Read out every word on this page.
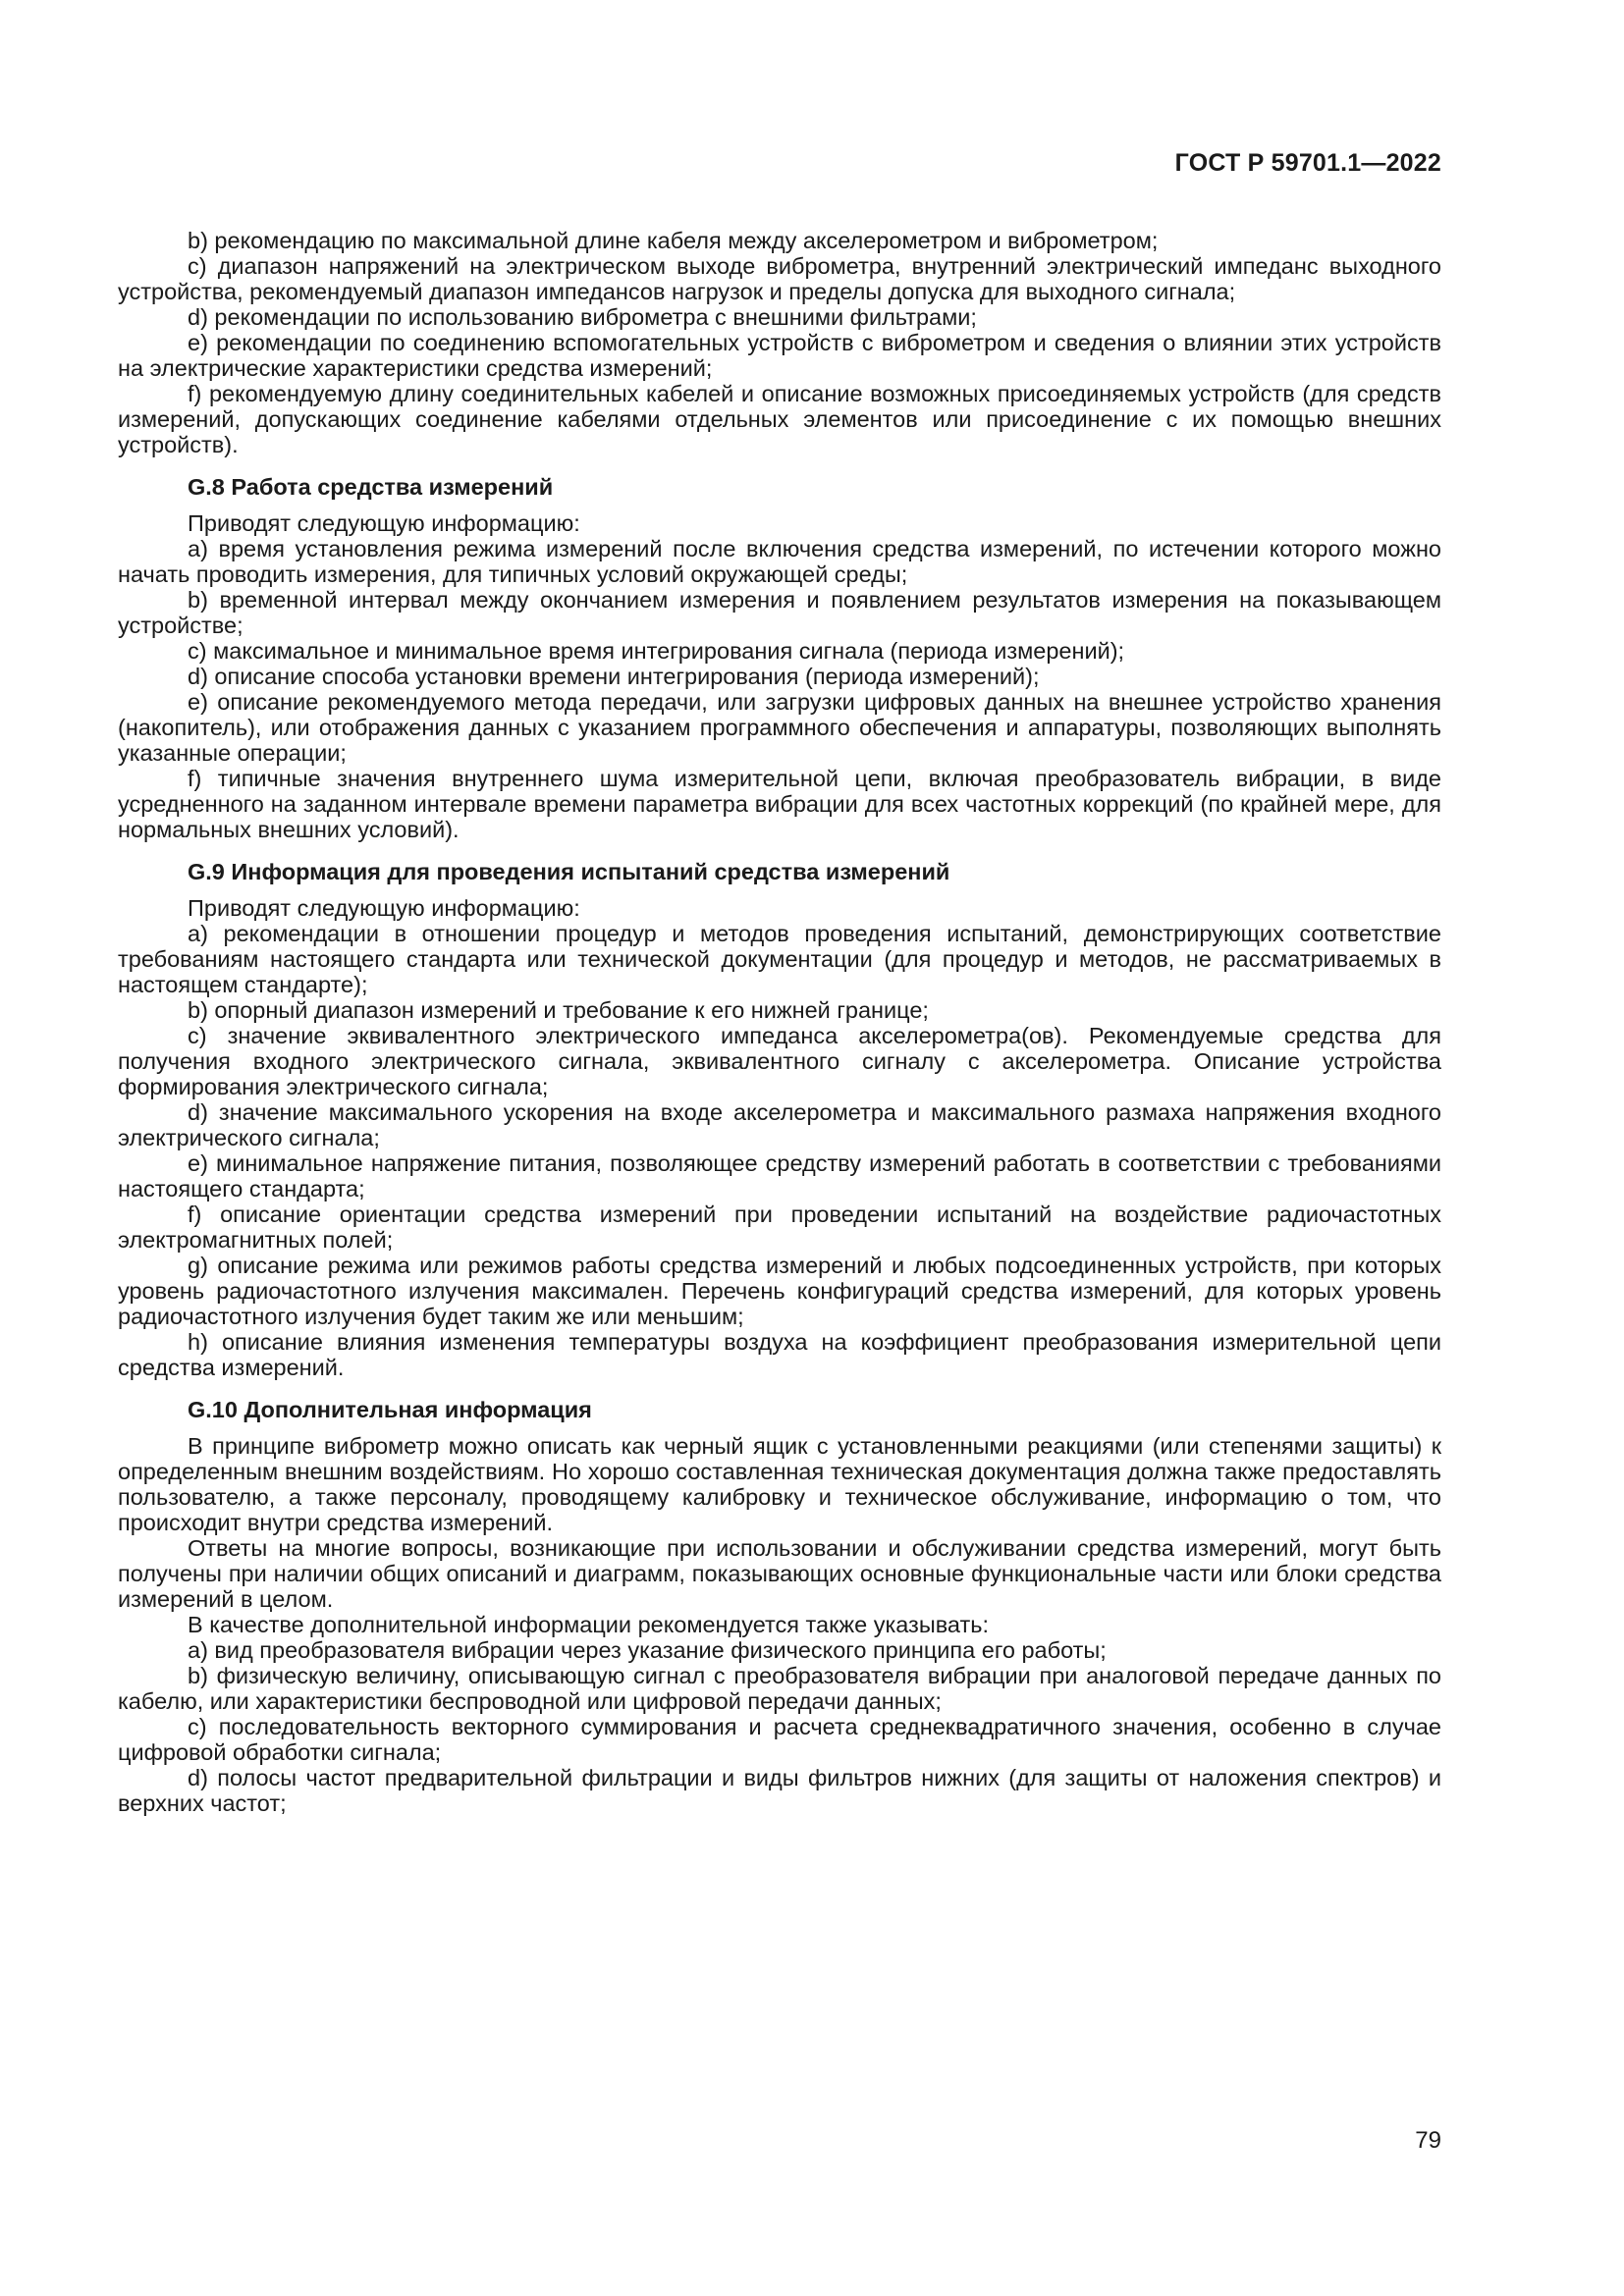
ГОСТ Р 59701.1—2022

b) рекомендацию по максимальной длине кабеля между акселерометром и виброметром;

c) диапазон напряжений на электрическом выходе виброметра, внутренний электрический импеданс выходного устройства, рекомендуемый диапазон импедансов нагрузок и пределы допуска для выходного сигнала;

d) рекомендации по использованию виброметра с внешними фильтрами;

e) рекомендации по соединению вспомогательных устройств с виброметром и сведения о влиянии этих устройств на электрические характеристики средства измерений;

f) рекомендуемую длину соединительных кабелей и описание возможных присоединяемых устройств (для средств измерений, допускающих соединение кабелями отдельных элементов или присоединение с их помощью внешних устройств).

G.8 Работа средства измерений

Приводят следующую информацию:

a) время установления режима измерений после включения средства измерений, по истечении которого можно начать проводить измерения, для типичных условий окружающей среды;

b) временной интервал между окончанием измерения и появлением результатов измерения на показывающем устройстве;

c) максимальное и минимальное время интегрирования сигнала (периода измерений);

d) описание способа установки времени интегрирования (периода измерений);

e) описание рекомендуемого метода передачи, или загрузки цифровых данных на внешнее устройство хранения (накопитель), или отображения данных с указанием программного обеспечения и аппаратуры, позволяющих выполнять указанные операции;

f) типичные значения внутреннего шума измерительной цепи, включая преобразователь вибрации, в виде усредненного на заданном интервале времени параметра вибрации для всех частотных коррекций (по крайней мере, для нормальных внешних условий).

G.9 Информация для проведения испытаний средства измерений

Приводят следующую информацию:

a) рекомендации в отношении процедур и методов проведения испытаний, демонстрирующих соответствие требованиям настоящего стандарта или технической документации (для процедур и методов, не рассматриваемых в настоящем стандарте);

b) опорный диапазон измерений и требование к его нижней границе;

c) значение эквивалентного электрического импеданса акселерометра(ов). Рекомендуемые средства для получения входного электрического сигнала, эквивалентного сигналу с акселерометра. Описание устройства формирования электрического сигнала;

d) значение максимального ускорения на входе акселерометра и максимального размаха напряжения входного электрического сигнала;

e) минимальное напряжение питания, позволяющее средству измерений работать в соответствии с требованиями настоящего стандарта;

f) описание ориентации средства измерений при проведении испытаний на воздействие радиочастотных электромагнитных полей;

g) описание режима или режимов работы средства измерений и любых подсоединенных устройств, при которых уровень радиочастотного излучения максимален. Перечень конфигураций средства измерений, для которых уровень радиочастотного излучения будет таким же или меньшим;

h) описание влияния изменения температуры воздуха на коэффициент преобразования измерительной цепи средства измерений.

G.10 Дополнительная информация

В принципе виброметр можно описать как черный ящик с установленными реакциями (или степенями защиты) к определенным внешним воздействиям. Но хорошо составленная техническая документация должна также предоставлять пользователю, а также персоналу, проводящему калибровку и техническое обслуживание, информацию о том, что происходит внутри средства измерений.

Ответы на многие вопросы, возникающие при использовании и обслуживании средства измерений, могут быть получены при наличии общих описаний и диаграмм, показывающих основные функциональные части или блоки средства измерений в целом.

В качестве дополнительной информации рекомендуется также указывать:

a) вид преобразователя вибрации через указание физического принципа его работы;

b) физическую величину, описывающую сигнал с преобразователя вибрации при аналоговой передаче данных по кабелю, или характеристики беспроводной или цифровой передачи данных;

c) последовательность векторного суммирования и расчета среднеквадратичного значения, особенно в случае цифровой обработки сигнала;

d) полосы частот предварительной фильтрации и виды фильтров нижних (для защиты от наложения спектров) и верхних частот;

79
